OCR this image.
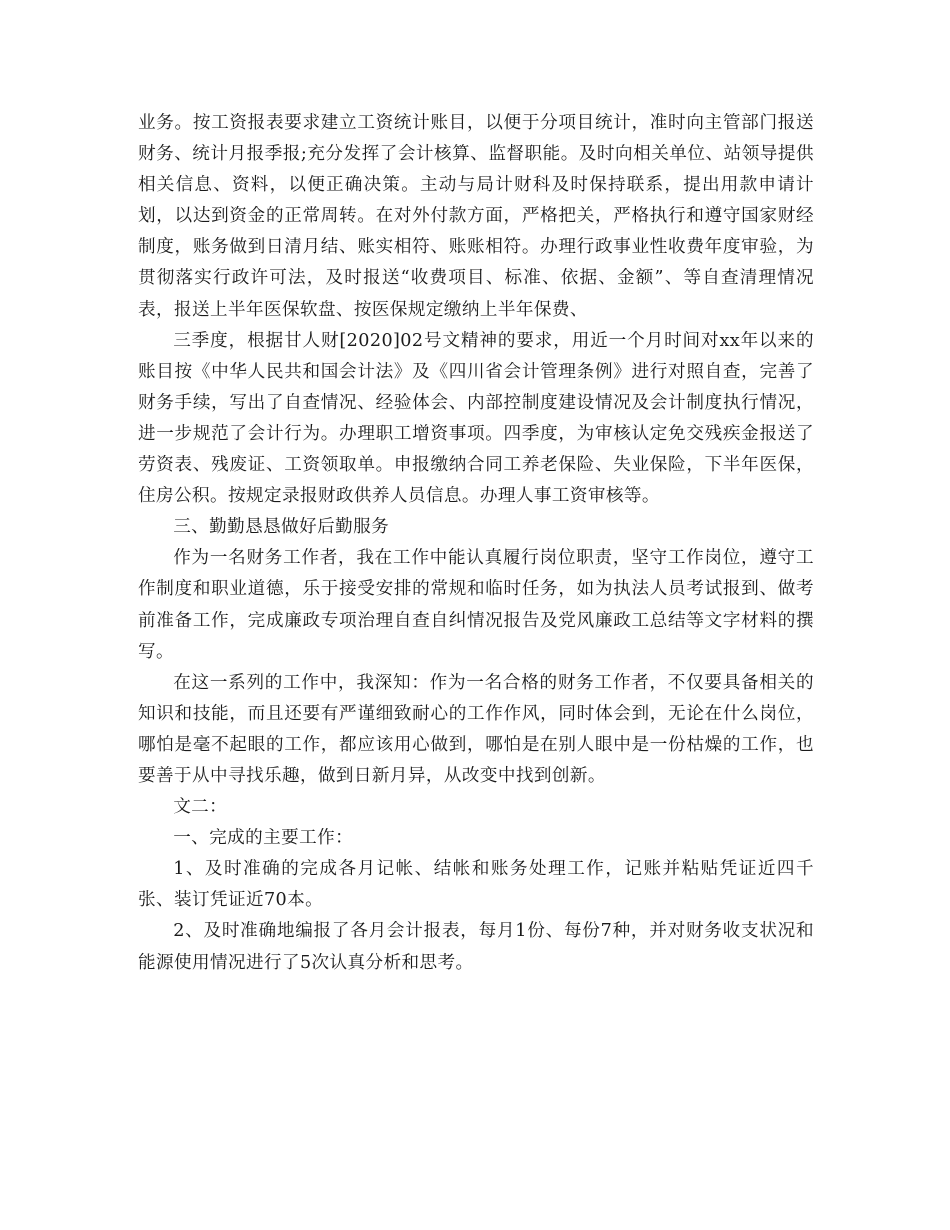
业务。按工资报表要求建立工资统计账目，以便于分项目统计，准时向主管部门报送财务、统计月报季报;充分发挥了会计核算、监督职能。及时向相关单位、站领导提供相关信息、资料，以便正确决策。主动与局计财科及时保持联系，提出用款申请计划，以达到资金的正常周转。在对外付款方面，严格把关，严格执行和遵守国家财经制度，账务做到日清月结、账实相符、账账相符。办理行政事业性收费年度审验，为贯彻落实行政许可法，及时报送“收费项目、标准、依据、金额”、等自查清理情况表，报送上半年医保软盘、按医保规定缴纳上半年保费、

三季度，根据甘人财[2020]02号文精神的要求，用近一个月时间对xx年以来的账目按《中华人民共和国会计法》及《四川省会计管理条例》进行对照自查，完善了财务手续，写出了自查情况、经验体会、内部控制度建设情况及会计制度执行情况，进一步规范了会计行为。办理职工增资事项。四季度，为审核认定免交残疾金报送了劳资表、残废证、工资领取单。申报缴纳合同工养老保险、失业保险，下半年医保，住房公积。按规定录报财政供养人员信息。办理人事工资审核等。

三、勤勤恳恳做好后勤服务

作为一名财务工作者，我在工作中能认真履行岗位职责，坚守工作岗位，遵守工作制度和职业道德，乐于接受安排的常规和临时任务，如为执法人员考试报到、做考前准备工作，完成廉政专项治理自查自纠情况报告及党风廉政工总结等文字材料的撰写。

在这一系列的工作中，我深知：作为一名合格的财务工作者，不仅要具备相关的知识和技能，而且还要有严谨细致耐心的工作作风，同时体会到，无论在什么岗位，哪怕是毫不起眼的工作，都应该用心做到，哪怕是在别人眼中是一份枯燥的工作，也要善于从中寻找乐趣，做到日新月异，从改变中找到创新。

文二：

一、完成的主要工作：

1、及时准确的完成各月记帐、结帐和账务处理工作，记账并粘贴凭证近四千张、装订凭证近70本。

2、及时准确地编报了各月会计报表，每月1份、每份7种，并对财务收支状况和能源使用情况进行了5次认真分析和思考。
